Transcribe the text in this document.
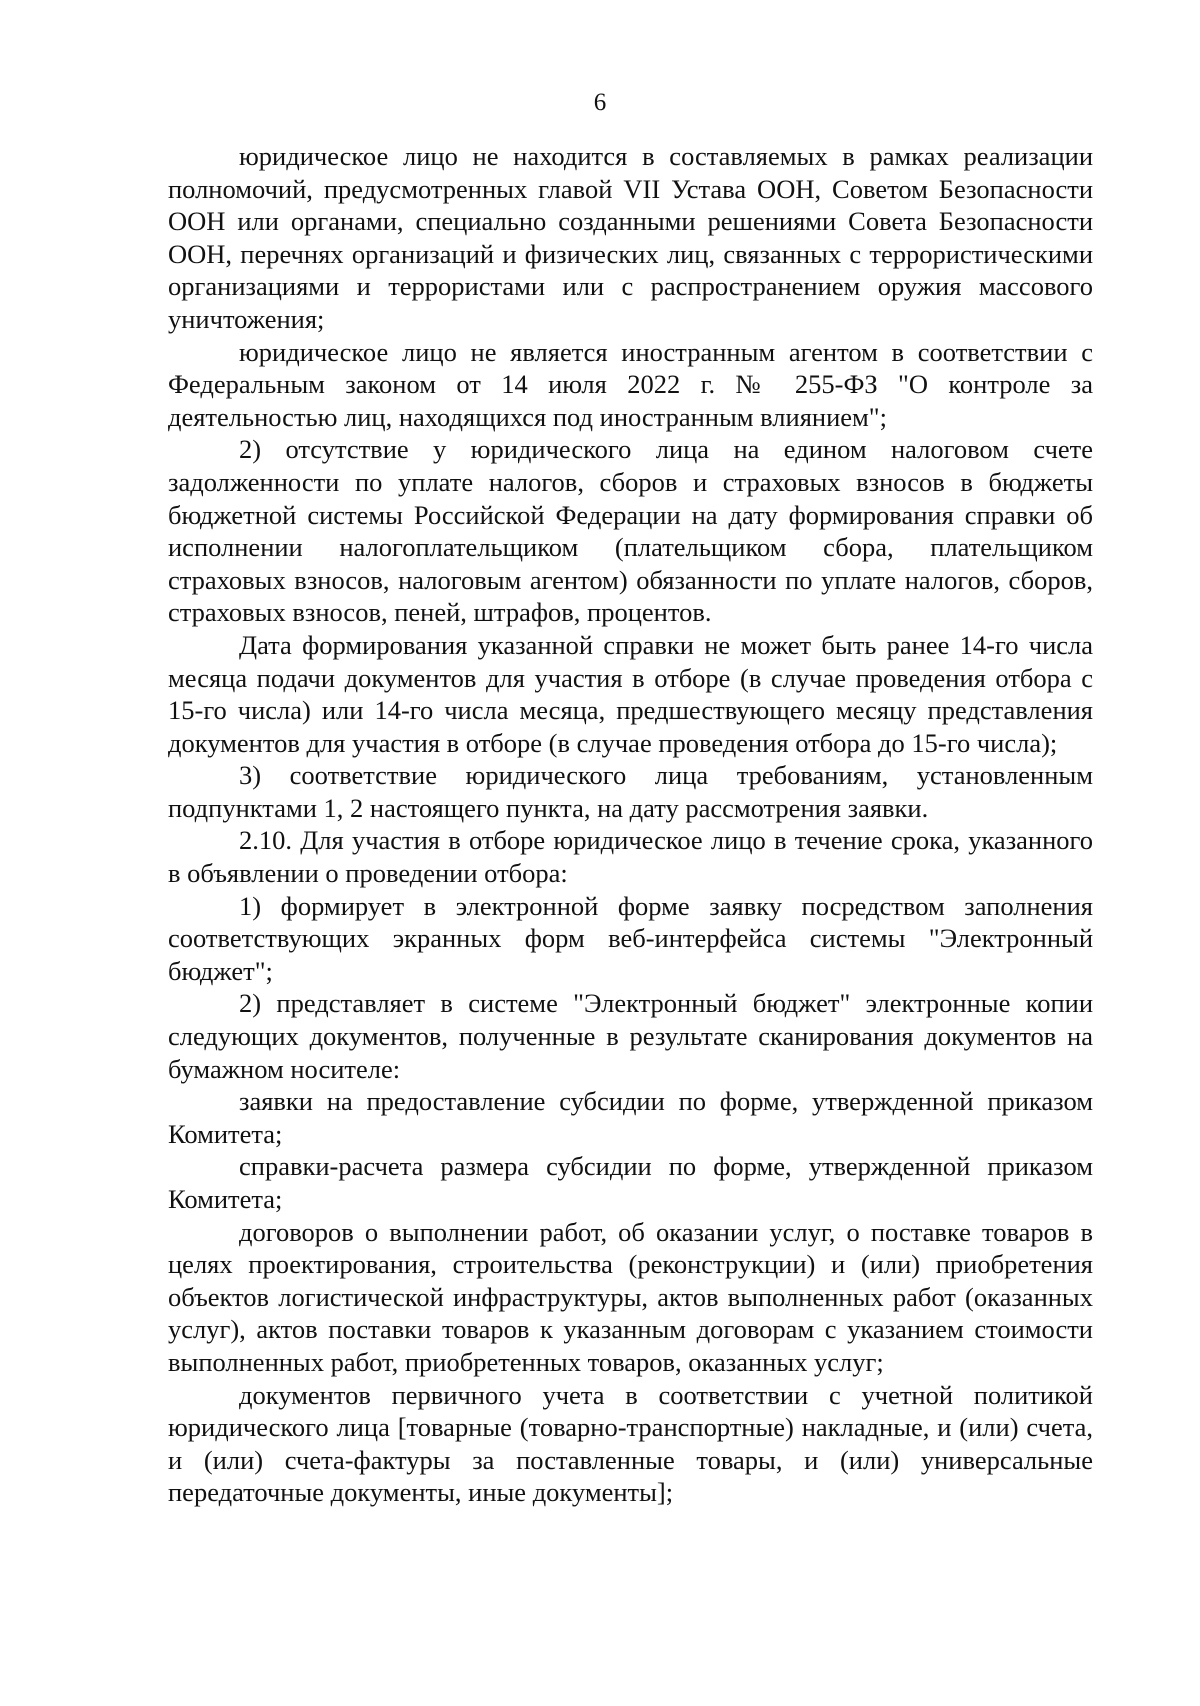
6

юридическое лицо не находится в составляемых в рамках реализации полномочий, предусмотренных главой VII Устава ООН, Советом Безопасности ООН или органами, специально созданными решениями Совета Безопасности ООН, перечнях организаций и физических лиц, связанных с террористическими организациями и террористами или с распространением оружия массового уничтожения;

юридическое лицо не является иностранным агентом в соответствии с Федеральным законом от 14 июля 2022 г. № 255-ФЗ "О контроле за деятельностью лиц, находящихся под иностранным влиянием";

2) отсутствие у юридического лица на едином налоговом счете задолженности по уплате налогов, сборов и страховых взносов в бюджеты бюджетной системы Российской Федерации на дату формирования справки об исполнении налогоплательщиком (плательщиком сбора, плательщиком страховых взносов, налоговым агентом) обязанности по уплате налогов, сборов, страховых взносов, пеней, штрафов, процентов.

Дата формирования указанной справки не может быть ранее 14-го числа месяца подачи документов для участия в отборе (в случае проведения отбора с 15-го числа) или 14-го числа месяца, предшествующего месяцу представления документов для участия в отборе (в случае проведения отбора до 15-го числа);

3) соответствие юридического лица требованиям, установленным подпунктами 1, 2 настоящего пункта, на дату рассмотрения заявки.

2.10. Для участия в отборе юридическое лицо в течение срока, указанного в объявлении о проведении отбора:

1) формирует в электронной форме заявку посредством заполнения соответствующих экранных форм веб-интерфейса системы "Электронный бюджет";

2) представляет в системе "Электронный бюджет" электронные копии следующих документов, полученные в результате сканирования документов на бумажном носителе:

заявки на предоставление субсидии по форме, утвержденной приказом Комитета;

справки-расчета размера субсидии по форме, утвержденной приказом Комитета;

договоров о выполнении работ, об оказании услуг, о поставке товаров в целях проектирования, строительства (реконструкции) и (или) приобретения объектов логистической инфраструктуры, актов выполненных работ (оказанных услуг), актов поставки товаров к указанным договорам с указанием стоимости выполненных работ, приобретенных товаров, оказанных услуг;

документов первичного учета в соответствии с учетной политикой юридического лица [товарные (товарно-транспортные) накладные, и (или) счета, и (или) счета-фактуры за поставленные товары, и (или) универсальные передаточные документы, иные документы];
